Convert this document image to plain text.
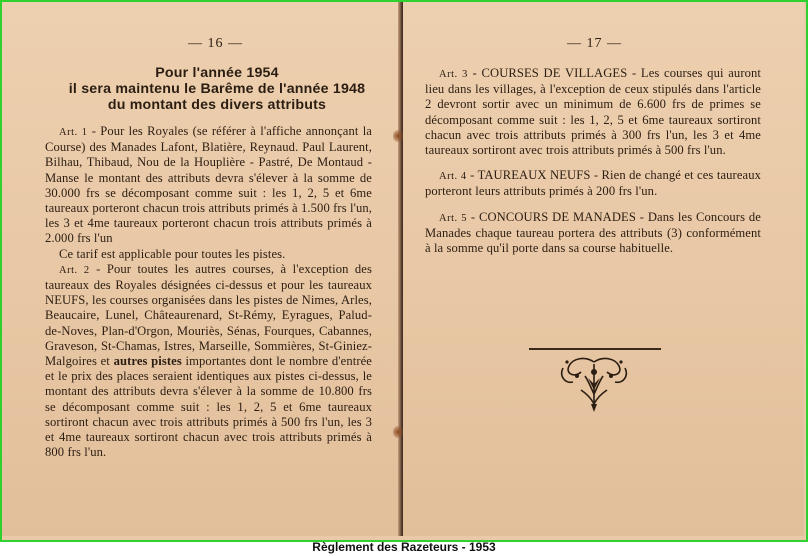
— 16 —
Pour l'année 1954
il sera maintenu le Barême de l'année 1948
du montant des divers attributs

Art. 1 - Pour les Royales (se référer à l'affiche annonçant la Course) des Manades Lafont, Blatière, Reynaud. Paul Laurent, Bilhau, Thibaud, Nou de la Houplière - Pastré, De Montaud - Manse le montant des attributs devra s'élever à la somme de 30.000 frs se décomposant comme suit : les 1, 2, 5 et 6me taureaux porteront chacun trois attributs primés à 1.500 frs l'un, les 3 et 4me taureaux porteront chacun trois attributs primés à 2.000 frs l'un

Ce tarif est applicable pour toutes les pistes.

Art. 2 - Pour toutes les autres courses, à l'exception des taureaux des Royales désignées ci-dessus et pour les taureaux NEUFS, les courses organisées dans les pistes de Nimes, Arles, Beaucaire, Lunel, Châteaurenard, St-Rémy, Eyragues, Palud-de-Noves, Plan-d'Orgon, Mouriès, Sénas, Fourques, Cabannes, Graveson, St-Chamas, Istres, Marseille, Sommières, St-Giniez-Malgoires et autres pistes importantes dont le nombre d'entrée et le prix des places seraient identiques aux pistes ci-dessus, le montant des attributs devra s'élever à la somme de 10.800 frs se décomposant comme suit : les 1, 2, 5 et 6me taureaux sortiront chacun avec trois attributs primés à 500 frs l'un, les 3 et 4me taureaux sortiront chacun avec trois attributs primés à 800 frs l'un.

— 17 —

Art. 3 - COURSES DE VILLAGES - Les courses qui auront lieu dans les villages, à l'exception de ceux stipulés dans l'article 2 devront sortir avec un minimum de 6.600 frs de primes se décomposant comme suit : les 1, 2, 5 et 6me taureaux sortiront chacun avec trois attributs primés à 300 frs l'un, les 3 et 4me taureaux sortiront avec trois attributs primés à 500 frs l'un.

Art. 4 - TAUREAUX NEUFS - Rien de changé et ces taureaux porteront leurs attributs primés à 200 frs l'un.

Art. 5 - CONCOURS DE MANADES - Dans les Concours de Manades chaque taureau portera des attributs (3) conformément à la somme qu'il porte dans sa course habituelle.

Règlement des Razeteurs - 1953
